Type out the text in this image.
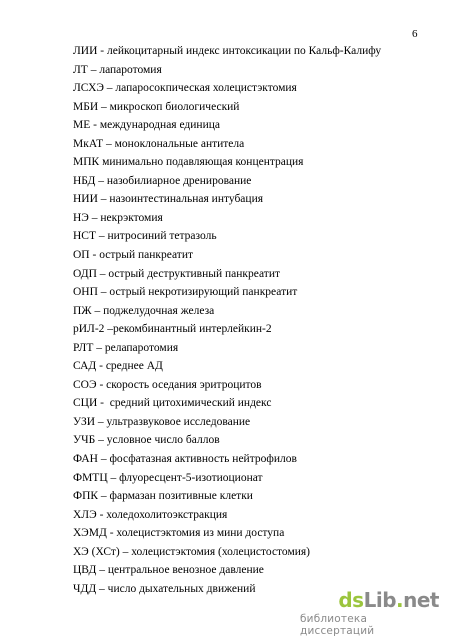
6
ЛИИ - лейкоцитарный индекс интоксикации по Кальф-Калифу
ЛТ – лапаротомия
ЛСХЭ – лапаросокпическая холецистэктомия
МБИ – микроскоп биологический
МЕ - международная единица
МкАТ – моноклональные антитела
МПК минимально подавляющая концентрация
НБД – назобилиарное дренирование
НИИ – назоинтестинальная интубация
НЭ – некрэктомия
НСТ – нитросиний тетразоль
ОП - острый панкреатит
ОДП – острый деструктивный панкреатит
ОНП – острый некротизирующий панкреатит
ПЖ – поджелудочная железа
рИЛ-2 –рекомбинантный интерлейкин-2
РЛТ – релапаротомия
САД - среднее АД
СОЭ - скорость оседания эритроцитов
СЦИ -  средний цитохимический индекс
УЗИ – ультразвуковое исследование
УЧБ – условное число баллов
ФАН – фосфатазная активность нейтрофилов
ФМТЦ – флуоресцент-5-изотиоционат
ФПК – фармазан позитивные клетки
ХЛЭ - холедохолитоэкстракция
ХЭМД - холецистэктомия из мини доступа
ХЭ (ХСт) – холецистэктомия (холецистостомия)
ЦВД – центральное венозное давление
ЧДД – число дыхательных движений	dsLib.net
библиотека диссертаций
